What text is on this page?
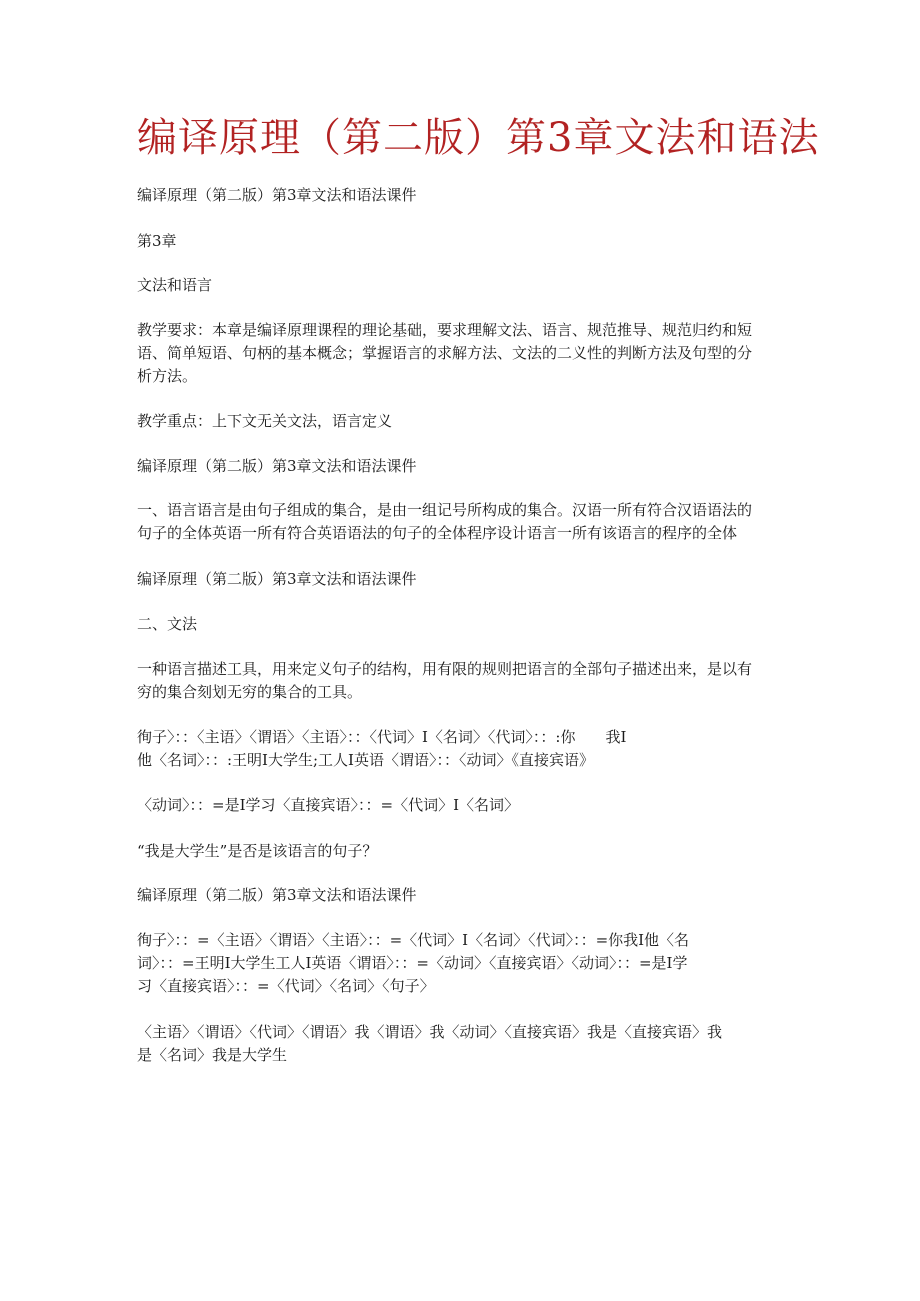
编译原理（第二版）第3章文法和语法

编译原理（第二版）第3章文法和语法课件

第3章

文法和语言

教学要求：本章是编译原理课程的理论基础，要求理解文法、语言、规范推导、规范归约和短
语、简单短语、句柄的基本概念；掌握语言的求解方法、文法的二义性的判断方法及句型的分
析方法。

教学重点：上下文无关文法，语言定义

编译原理（第二版）第3章文法和语法课件

一、语言语言是由句子组成的集合，是由一组记号所构成的集合。汉语一所有符合汉语语法的
句子的全体英语一所有符合英语语法的句子的全体程序设计语言一所有该语言的程序的全体

编译原理（第二版）第3章文法和语法课件

二、文法

一种语言描述工具，用来定义句子的结构，用有限的规则把语言的全部句子描述出来，是以有
穷的集合刻划无穷的集合的工具。

徇子〉：：〈主语〉〈谓语〉〈主语〉：：〈代词〉I〈名词〉〈代词〉：：:你　　我I
他〈名词〉：：:王明I大学生;工人I英语〈谓语〉：：〈动词〉《直接宾语》

〈动词〉：：=是I学习〈直接宾语〉：：=〈代词〉I〈名词〉

“我是大学生”是否是该语言的句子？

编译原理（第二版）第3章文法和语法课件

徇子〉：：=〈主语〉〈谓语〉〈主语〉：：=〈代词〉I〈名词〉〈代词〉：：=你我I他〈名
词〉：：=王明I大学生工人I英语〈谓语〉：：=〈动词〉〈直接宾语〉〈动词〉：：=是I学
习〈直接宾语〉：：=〈代词〉〈名词〉〈句子〉

〈主语〉〈谓语〉〈代词〉〈谓语〉我〈谓语〉我〈动词〉〈直接宾语〉我是〈直接宾语〉我
是〈名词〉我是大学生
